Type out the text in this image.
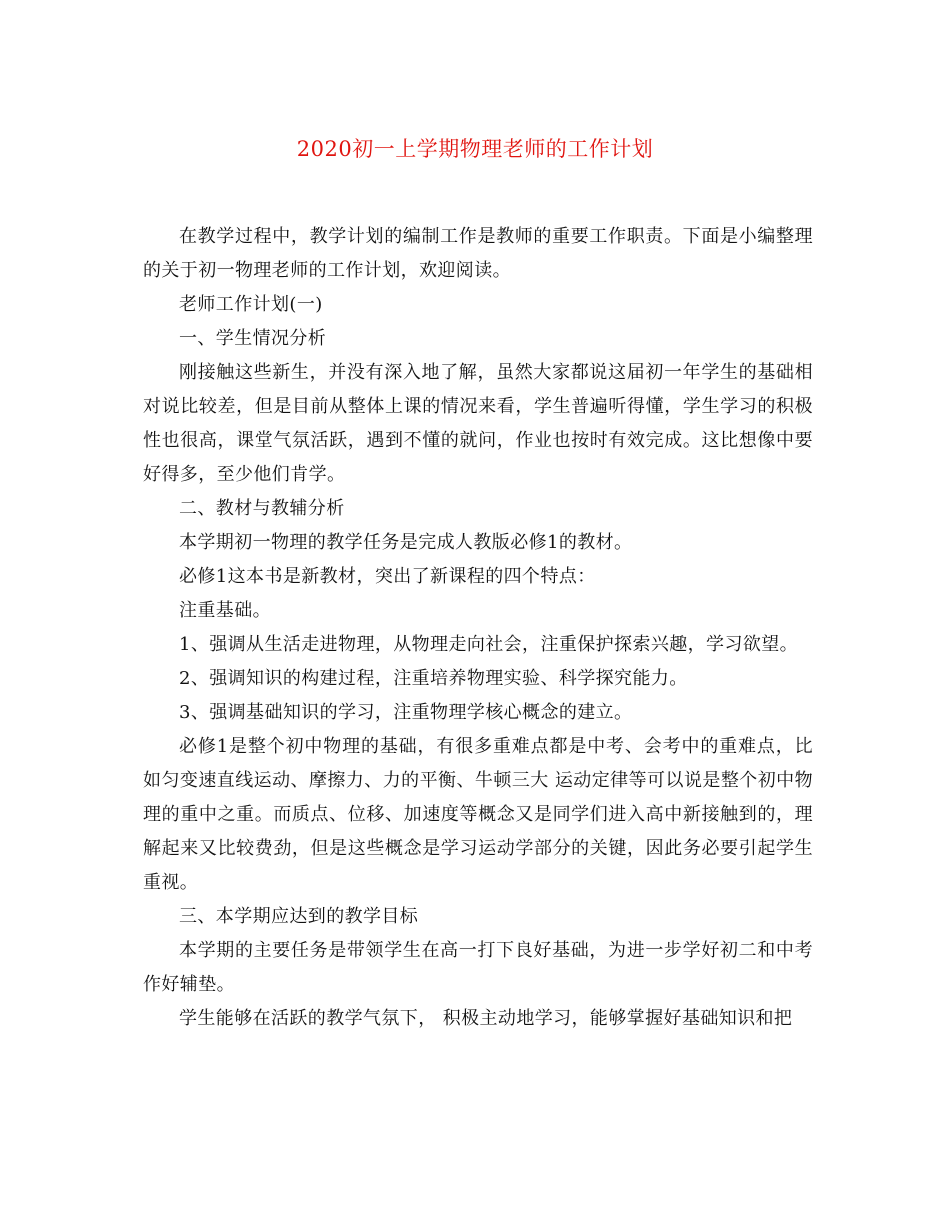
2020初一上学期物理老师的工作计划

在教学过程中，教学计划的编制工作是教师的重要工作职责。下面是小编整理的关于初一物理老师的工作计划，欢迎阅读。

老师工作计划(一)

一、学生情况分析

刚接触这些新生，并没有深入地了解，虽然大家都说这届初一年学生的基础相对说比较差，但是目前从整体上课的情况来看，学生普遍听得懂，学生学习的积极性也很高，课堂气氛活跃，遇到不懂的就问，作业也按时有效完成。这比想像中要好得多，至少他们肯学。

二、教材与教辅分析

本学期初一物理的教学任务是完成人教版必修1的教材。

必修1这本书是新教材，突出了新课程的四个特点：

注重基础。

1、强调从生活走进物理，从物理走向社会，注重保护探索兴趣，学习欲望。

2、强调知识的构建过程，注重培养物理实验、科学探究能力。

3、强调基础知识的学习，注重物理学核心概念的建立。

必修1是整个初中物理的基础，有很多重难点都是中考、会考中的重难点，比如匀变速直线运动、摩擦力、力的平衡、牛顿三大 运动定律等可以说是整个初中物理的重中之重。而质点、位移、加速度等概念又是同学们进入高中新接触到的，理解起来又比较费劲，但是这些概念是学习运动学部分的关键，因此务必要引起学生重视。

三、本学期应达到的教学目标

本学期的主要任务是带领学生在高一打下良好基础，为进一步学好初二和中考作好辅垫。

学生能够在活跃的教学气氛下， 积极主动地学习，能够掌握好基础知识和把
